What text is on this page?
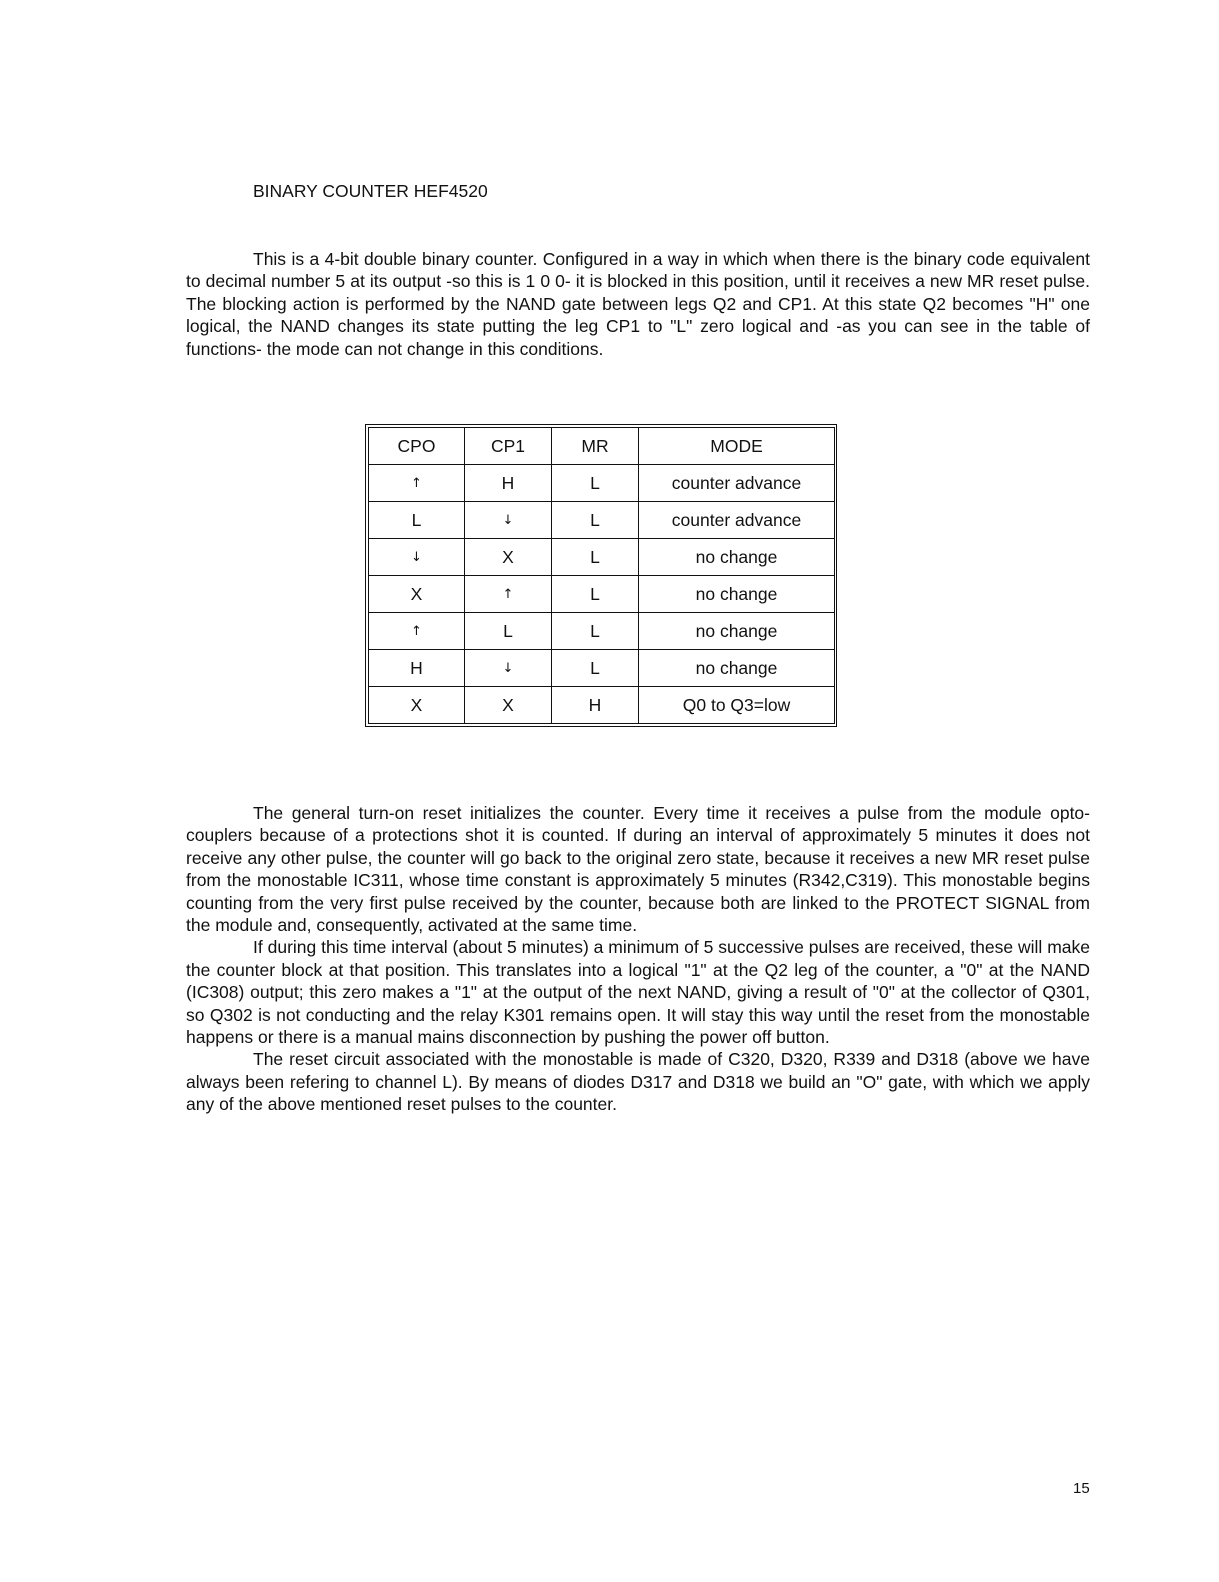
BINARY COUNTER HEF4520

This is a 4-bit double binary counter. Configured in a way in which when there is the binary code equivalent to decimal number 5 at its output -so this is 1 0 0- it is blocked in this position, until it receives a new MR reset pulse. The blocking action is performed by the NAND gate between legs Q2 and CP1. At this state Q2 becomes "H" one logical, the NAND changes its state putting the leg CP1 to "L" zero logical and -as you can see in the table of functions- the mode can not change in this conditions.

CPO	CP1	MR	MODE
↑	H	L	counter advance
L	↓	L	counter advance
↓	X	L	no change
X	↑	L	no change
↑	L	L	no change
H	↓	L	no change
X	X	H	Q0 to Q3=low

The general turn-on reset initializes the counter. Every time it receives a pulse from the module opto-couplers because of a protections shot it is counted. If during an interval of approximately 5 minutes it does not receive any other pulse, the counter will go back to the original zero state, because it receives a new MR reset pulse from the monostable IC311, whose time constant is approximately 5 minutes (R342,C319). This monostable begins counting from the very first pulse received by the counter, because both are linked to the PROTECT SIGNAL from the module and, consequently, activated at the same time.

If during this time interval (about 5 minutes) a minimum of 5 successive pulses are received, these will make the counter block at that position. This translates into a logical "1" at the Q2 leg of the counter, a "0" at the NAND (IC308) output; this zero makes a "1" at the output of the next NAND, giving a result of "0" at the collector of Q301, so Q302 is not conducting and the relay K301 remains open. It will stay this way until the reset from the monostable happens or there is a manual mains disconnection by pushing the power off button.

The reset circuit associated with the monostable is made of C320, D320, R339 and D318 (above we have always been refering to channel L). By means of diodes D317 and D318 we build an "O" gate, with which we apply any of the above mentioned reset pulses to the counter.

15
